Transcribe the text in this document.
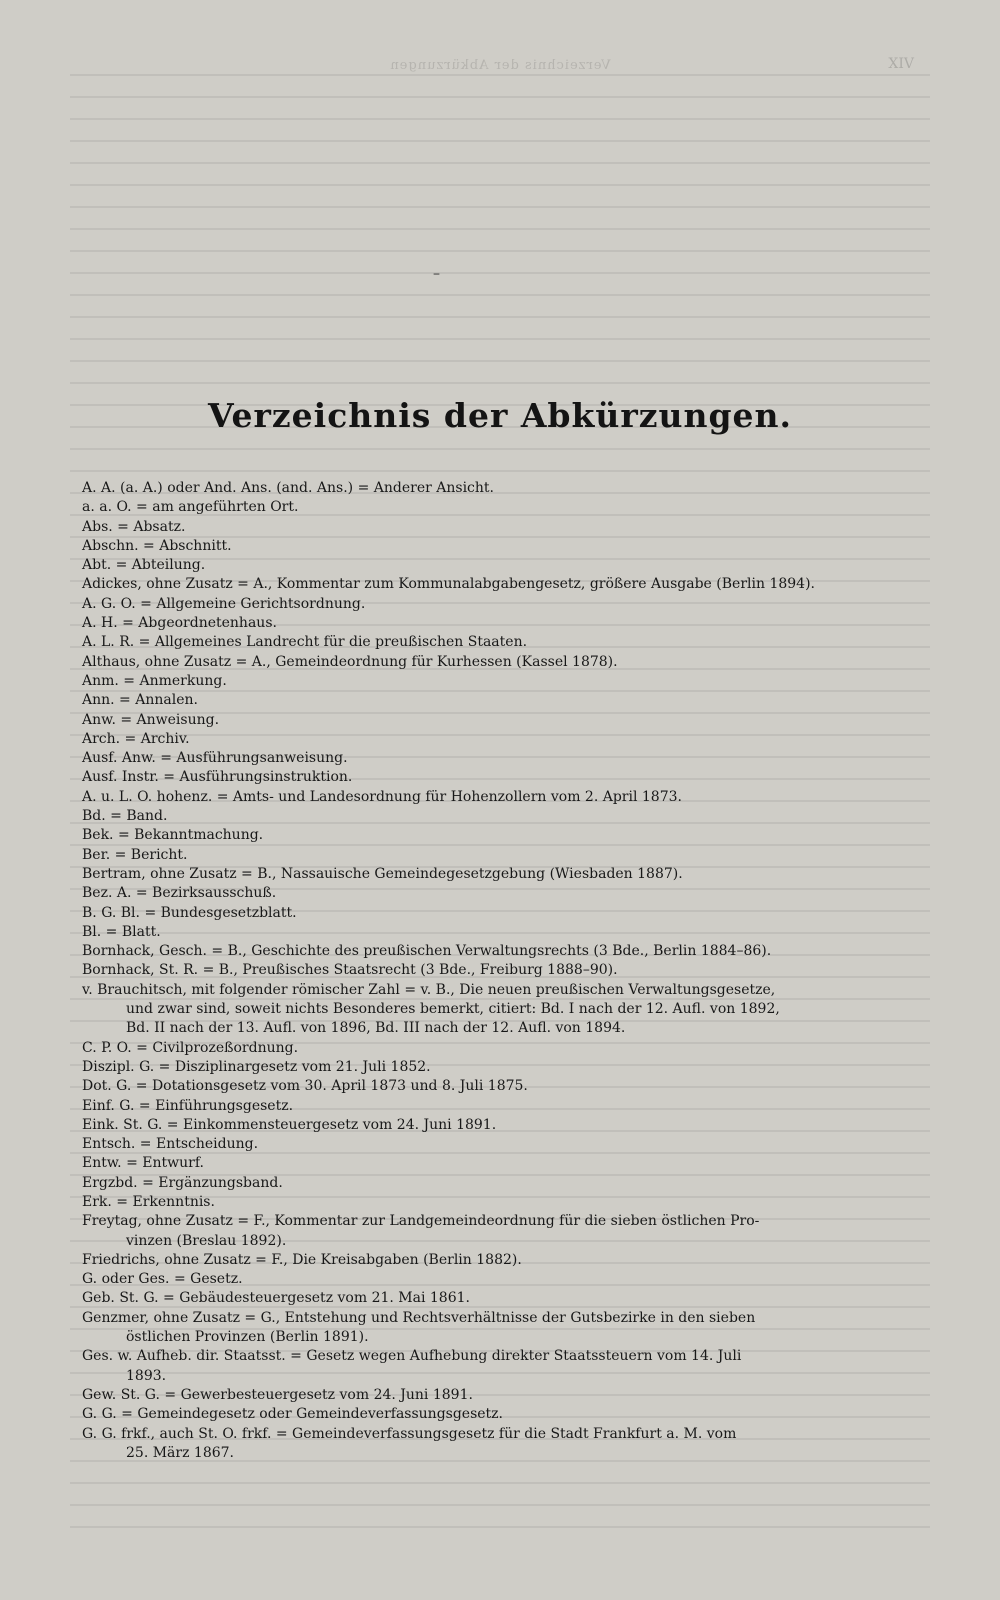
Verzeichnis der Abkürzungen	XIV
–
Verzeichnis der Abkürzungen.
A. A. (a. A.) oder And. Ans. (and. Ans.) = Anderer Ansicht.
a. a. O. = am angeführten Ort.
Abs. = Absatz.
Abschn. = Abschnitt.
Abt. = Abteilung.
Adickes, ohne Zusatz = A., Kommentar zum Kommunalabgabengesetz, größere Ausgabe (Berlin 1894).
A. G. O. = Allgemeine Gerichtsordnung.
A. H. = Abgeordnetenhaus.
A. L. R. = Allgemeines Landrecht für die preußischen Staaten.
Althaus, ohne Zusatz = A., Gemeindeordnung für Kurhessen (Kassel 1878).
Anm. = Anmerkung.
Ann. = Annalen.
Anw. = Anweisung.
Arch. = Archiv.
Ausf. Anw. = Ausführungsanweisung.
Ausf. Instr. = Ausführungsinstruktion.
A. u. L. O. hohenz. = Amts- und Landesordnung für Hohenzollern vom 2. April 1873.
Bd. = Band.
Bek. = Bekanntmachung.
Ber. = Bericht.
Bertram, ohne Zusatz = B., Nassauische Gemeindegesetzgebung (Wiesbaden 1887).
Bez. A. = Bezirksausschuß.
B. G. Bl. = Bundesgesetzblatt.
Bl. = Blatt.
Bornhack, Gesch. = B., Geschichte des preußischen Verwaltungsrechts (3 Bde., Berlin 1884–86).
Bornhack, St. R. = B., Preußisches Staatsrecht (3 Bde., Freiburg 1888–90).
v. Brauchitsch, mit folgender römischer Zahl = v. B., Die neuen preußischen Verwaltungsgesetze,
und zwar sind, soweit nichts Besonderes bemerkt, citiert: Bd. I nach der 12. Aufl. von 1892,
Bd. II nach der 13. Aufl. von 1896, Bd. III nach der 12. Aufl. von 1894.
C. P. O. = Civilprozeßordnung.
Diszipl. G. = Disziplinargesetz vom 21. Juli 1852.
Dot. G. = Dotationsgesetz vom 30. April 1873 und 8. Juli 1875.
Einf. G. = Einführungsgesetz.
Eink. St. G. = Einkommensteuergesetz vom 24. Juni 1891.
Entsch. = Entscheidung.
Entw. = Entwurf.
Ergzbd. = Ergänzungsband.
Erk. = Erkenntnis.
Freytag, ohne Zusatz = F., Kommentar zur Landgemeindeordnung für die sieben östlichen Pro-
vinzen (Breslau 1892).
Friedrichs, ohne Zusatz = F., Die Kreisabgaben (Berlin 1882).
G. oder Ges. = Gesetz.
Geb. St. G. = Gebäudesteuergesetz vom 21. Mai 1861.
Genzmer, ohne Zusatz = G., Entstehung und Rechtsverhältnisse der Gutsbezirke in den sieben
östlichen Provinzen (Berlin 1891).
Ges. w. Aufheb. dir. Staatsst. = Gesetz wegen Aufhebung direkter Staatssteuern vom 14. Juli
1893.
Gew. St. G. = Gewerbesteuergesetz vom 24. Juni 1891.
G. G. = Gemeindegesetz oder Gemeindeverfassungsgesetz.
G. G. frkf., auch St. O. frkf. = Gemeindeverfassungsgesetz für die Stadt Frankfurt a. M. vom
25. März 1867.
